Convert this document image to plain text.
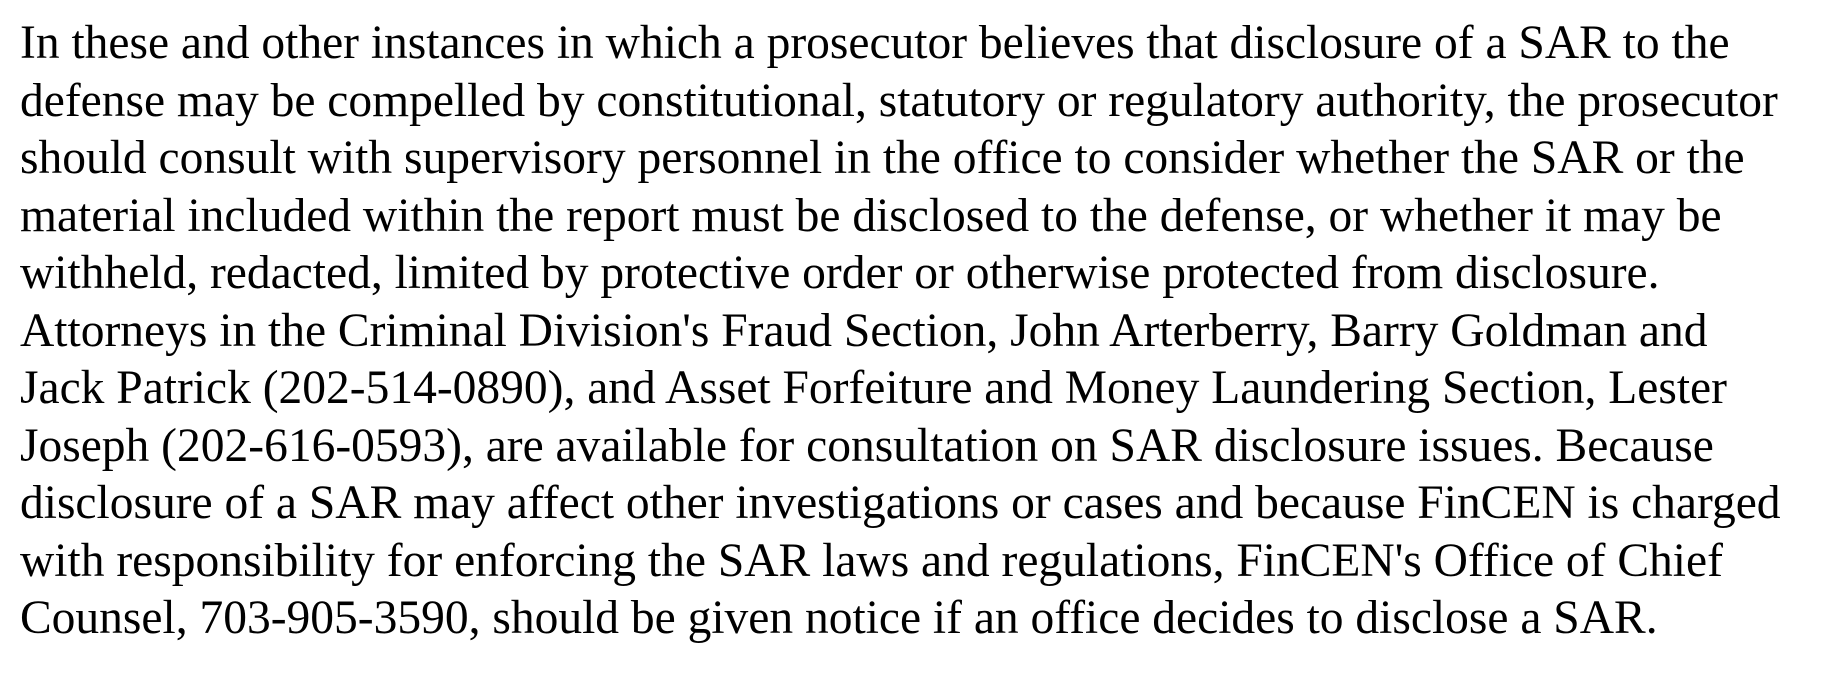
In these and other instances in which a prosecutor believes that disclosure of a SAR to the
defense may be compelled by constitutional, statutory or regulatory authority, the prosecutor
should consult with supervisory personnel in the office to consider whether the SAR or the
material included within the report must be disclosed to the defense, or whether it may be
withheld, redacted, limited by protective order or otherwise protected from disclosure.
Attorneys in the Criminal Division's Fraud Section, John Arterberry, Barry Goldman and
Jack Patrick (202-514-0890), and Asset Forfeiture and Money Laundering Section, Lester
Joseph (202-616-0593), are available for consultation on SAR disclosure issues. Because
disclosure of a SAR may affect other investigations or cases and because FinCEN is charged
with responsibility for enforcing the SAR laws and regulations, FinCEN's Office of Chief
Counsel, 703-905-3590, should be given notice if an office decides to disclose a SAR.
